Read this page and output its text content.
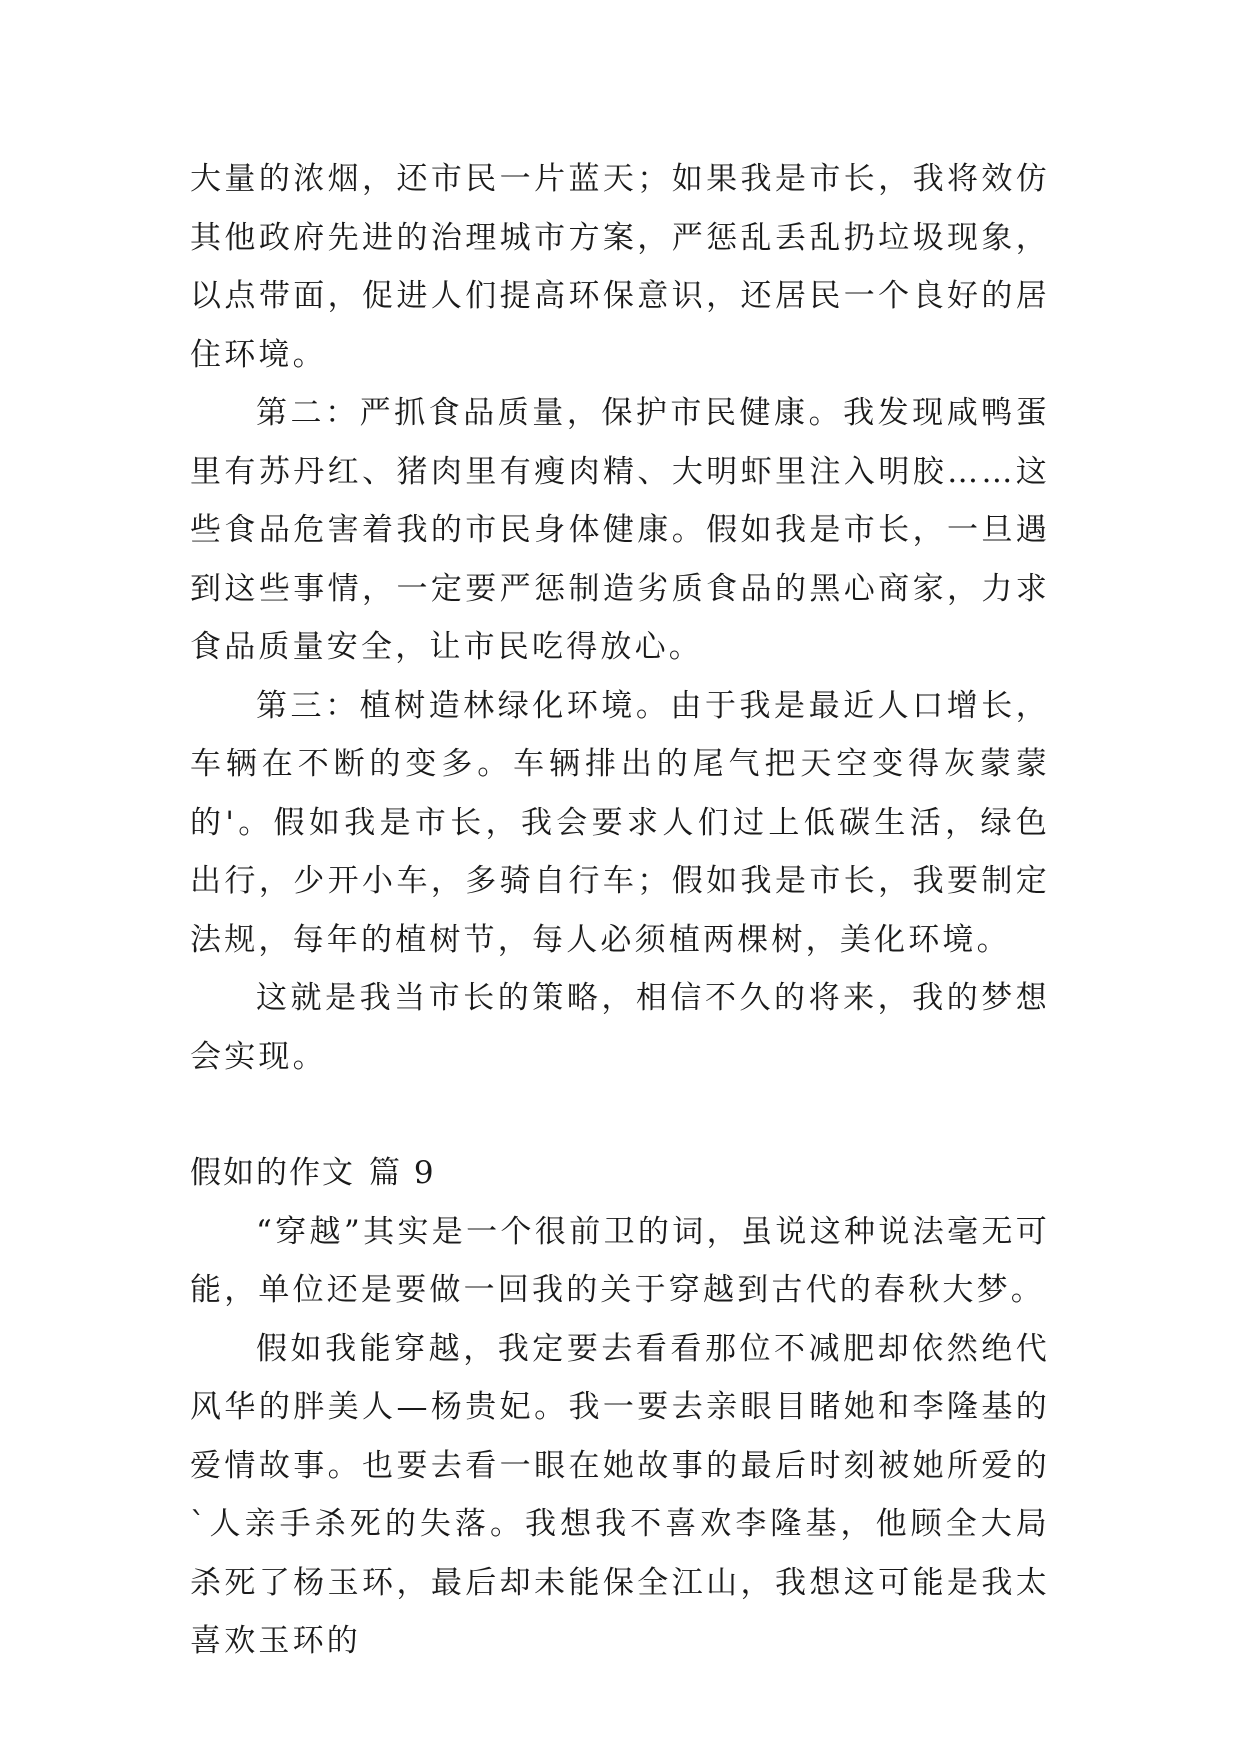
大量的浓烟，还市民一片蓝天；如果我是市长，我将效仿其他政府先进的治理城市方案，严惩乱丢乱扔垃圾现象，以点带面，促进人们提高环保意识，还居民一个良好的居住环境。

第二：严抓食品质量，保护市民健康。我发现咸鸭蛋里有苏丹红、猪肉里有瘦肉精、大明虾里注入明胶……这些食品危害着我的市民身体健康。假如我是市长，一旦遇到这些事情，一定要严惩制造劣质食品的黑心商家，力求食品质量安全，让市民吃得放心。

第三：植树造林绿化环境。由于我是最近人口增长，车辆在不断的变多。车辆排出的尾气把天空变得灰蒙蒙的'。假如我是市长，我会要求人们过上低碳生活，绿色出行，少开小车，多骑自行车；假如我是市长，我要制定法规，每年的植树节，每人必须植两棵树，美化环境。

这就是我当市长的策略，相信不久的将来，我的梦想会实现。

假如的作文 篇 9

“穿越”其实是一个很前卫的词，虽说这种说法毫无可能，单位还是要做一回我的关于穿越到古代的春秋大梦。

假如我能穿越，我定要去看看那位不减肥却依然绝代风华的胖美人—杨贵妃。我一要去亲眼目睹她和李隆基的爱情故事。也要去看一眼在她故事的最后时刻被她所爱的`人亲手杀死的失落。我想我不喜欢李隆基，他顾全大局杀死了杨玉环，最后却未能保全江山，我想这可能是我太喜欢玉环的
